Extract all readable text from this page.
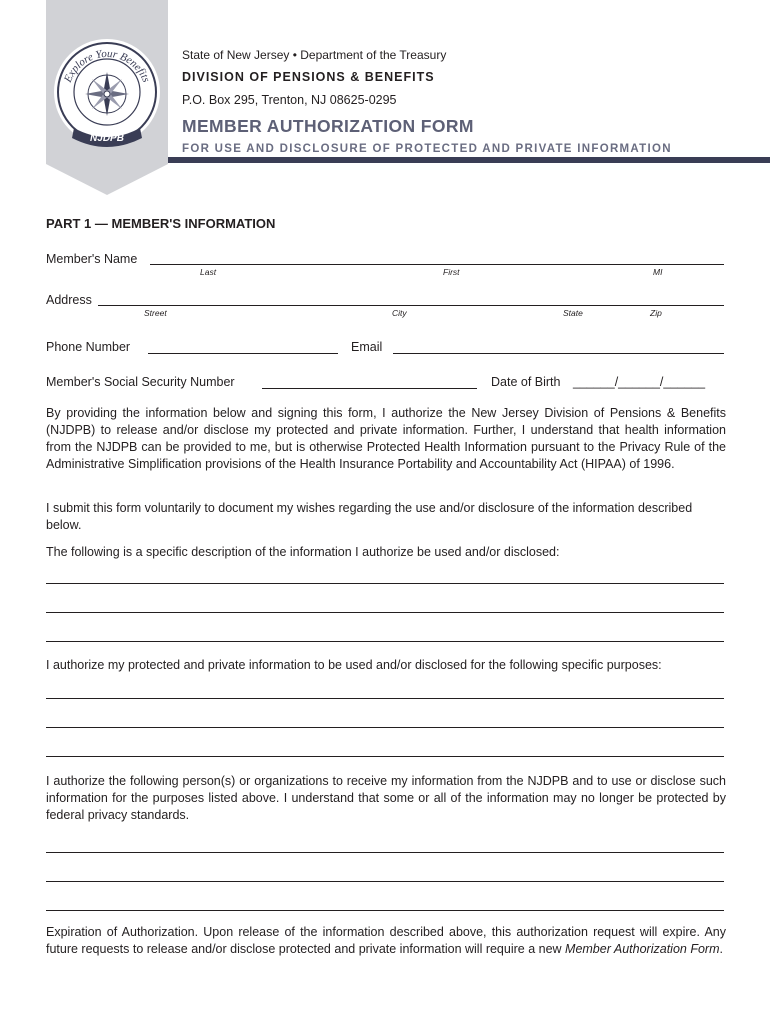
Explore Your Benefits
NJDPB
State of New Jersey • Department of the Treasury
DIVISION OF PENSIONS & BENEFITS
P.O. Box 295, Trenton, NJ 08625-0295
MEMBER AUTHORIZATION FORM
FOR USE AND DISCLOSURE OF PROTECTED AND PRIVATE INFORMATION
PART 1 — MEMBER'S INFORMATION
Member's Name
Last	First	MI
Address
Street	City	State	Zip
Phone Number	Email
Member's Social Security Number	Date of Birth ______/______/______
By providing the information below and signing this form, I authorize the New Jersey Division of Pensions & Benefits (NJDPB) to release and/or disclose my protected and private information. Further, I understand that health information from the NJDPB can be provided to me, but is otherwise Protected Health Information pursuant to the Privacy Rule of the Administrative Simplification provisions of the Health Insurance Portability and Accountability Act (HIPAA) of 1996.
I submit this form voluntarily to document my wishes regarding the use and/or disclosure of the information described below.
The following is a specific description of the information I authorize be used and/or disclosed:
I authorize my protected and private information to be used and/or disclosed for the following specific purposes:
I authorize the following person(s) or organizations to receive my information from the NJDPB and to use or disclose such information for the purposes listed above. I understand that some or all of the information may no longer be protected by federal privacy standards.
Expiration of Authorization. Upon release of the information described above, this authorization request will expire. Any future requests to release and/or disclose protected and private information will require a new Member Authorization Form.
